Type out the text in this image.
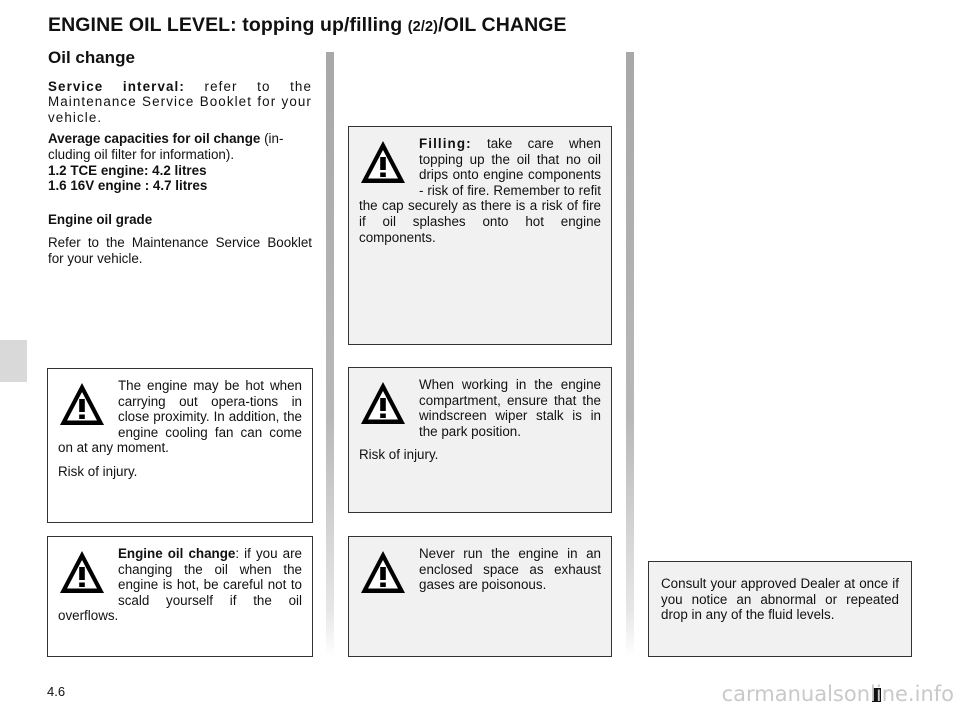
ENGINE OIL LEVEL: topping up/filling (2/2)/OIL CHANGE
Oil change

Service interval: refer to the Maintenance Service Booklet for your vehicle.

Average capacities for oil change (in-cluding oil filter for information).
1.2 TCE engine: 4.2 litres
1.6 16V engine : 4.7 litres

Engine oil grade

Refer to the Maintenance Service Booklet for your vehicle.

The engine may be hot when carrying out opera-tions in close proximity. In addition, the engine cooling fan can come on at any moment.

Risk of injury.

Engine oil change: if you are changing the oil when the engine is hot, be careful not to scald yourself if the oil overflows.

Filling: take care when topping up the oil that no oil drips onto engine components - risk of fire. Remember to refit the cap securely as there is a risk of fire if oil splashes onto hot engine components.

When working in the engine compartment, ensure that the windscreen wiper stalk is in the park position.

Risk of injury.

Never run the engine in an enclosed space as exhaust gases are poisonous.	Consult your approved Dealer at once if you notice an abnormal or repeated drop in any of the fluid levels.

4.6	carmanualsonline.info
